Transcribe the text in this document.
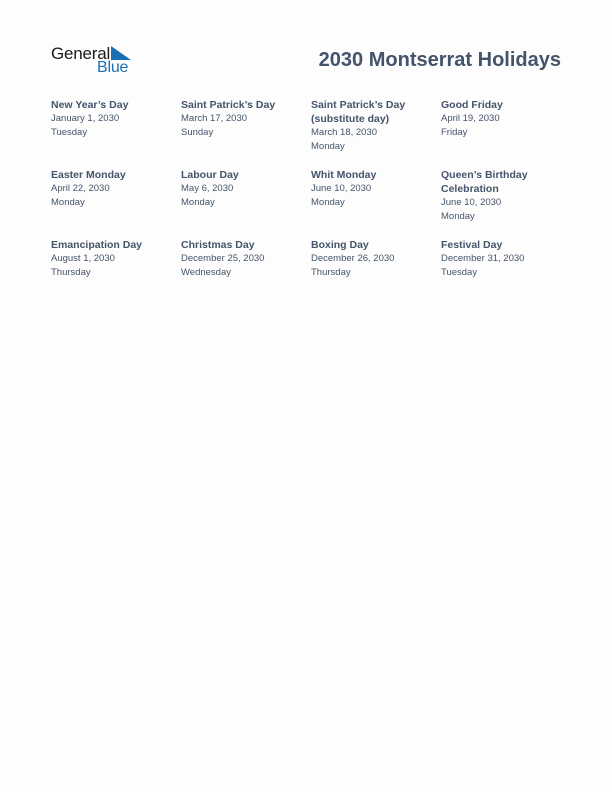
General
Blue	2030 Montserrat Holidays
New Year’s Day
January 1, 2030
Tuesday
Saint Patrick’s Day
March 17, 2030
Sunday
Saint Patrick’s Day (substitute day)
March 18, 2030
Monday
Good Friday
April 19, 2030
Friday
Easter Monday
April 22, 2030
Monday
Labour Day
May 6, 2030
Monday
Whit Monday
June 10, 2030
Monday
Queen’s Birthday Celebration
June 10, 2030
Monday
Emancipation Day
August 1, 2030
Thursday
Christmas Day
December 25, 2030
Wednesday
Boxing Day
December 26, 2030
Thursday
Festival Day
December 31, 2030
Tuesday
